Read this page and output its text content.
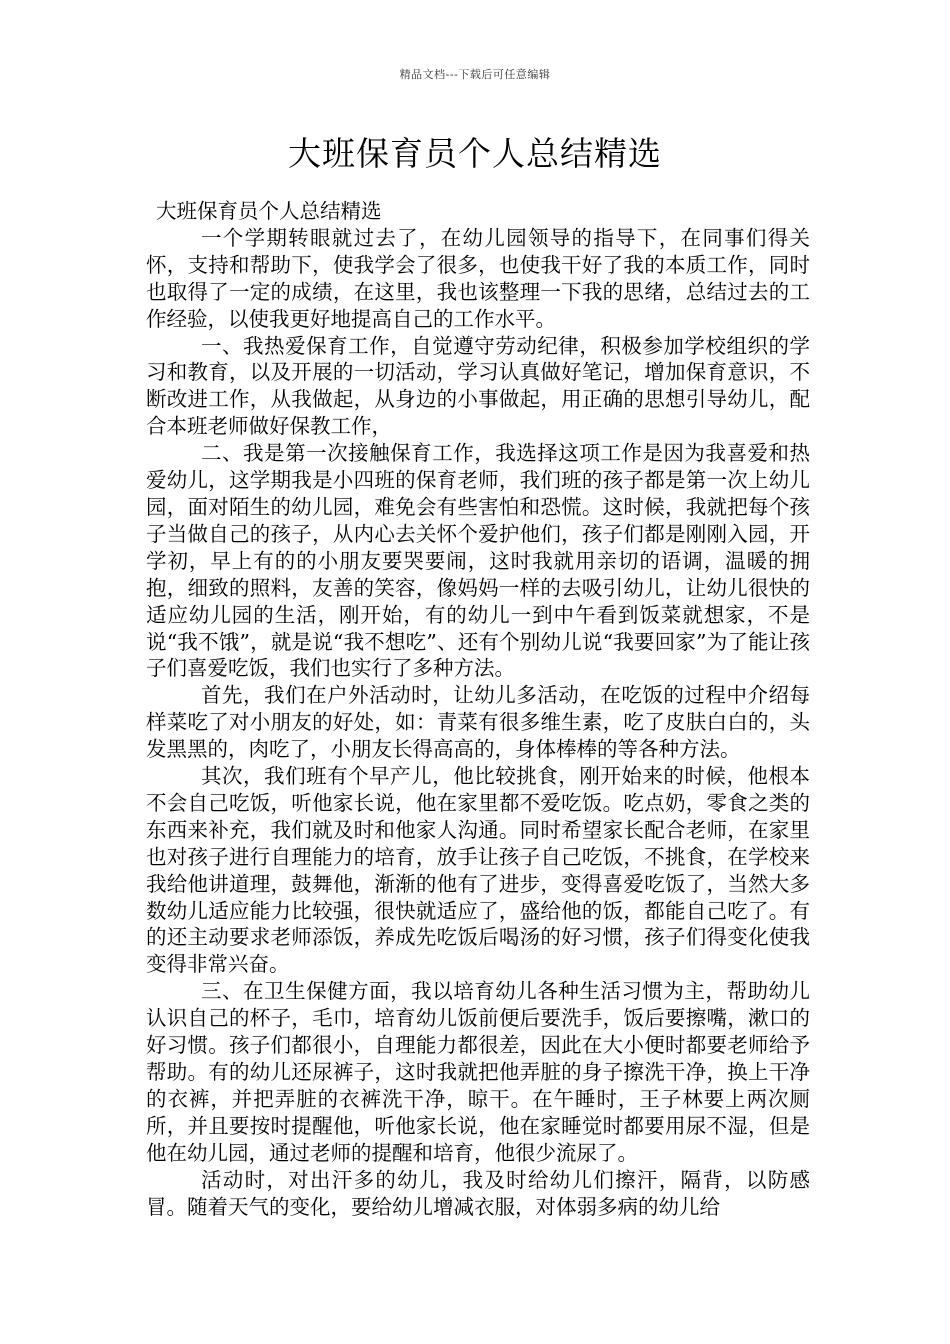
精品文档---下载后可任意编辑
大班保育员个人总结精选

大班保育员个人总结精选

一个学期转眼就过去了，在幼儿园领导的指导下，在同事们得关怀，支持和帮助下，使我学会了很多，也使我干好了我的本质工作，同时也取得了一定的成绩，在这里，我也该整理一下我的思绪，总结过去的工作经验，以使我更好地提高自己的工作水平。

一、我热爱保育工作，自觉遵守劳动纪律，积极参加学校组织的学习和教育，以及开展的一切活动，学习认真做好笔记，增加保育意识，不断改进工作，从我做起，从身边的小事做起，用正确的思想引导幼儿，配合本班老师做好保教工作，

二、我是第一次接触保育工作，我选择这项工作是因为我喜爱和热爱幼儿，这学期我是小四班的保育老师，我们班的孩子都是第一次上幼儿园，面对陌生的幼儿园，难免会有些害怕和恐慌。这时候，我就把每个孩子当做自己的孩子，从内心去关怀个爱护他们，孩子们都是刚刚入园，开学初，早上有的的小朋友要哭要闹，这时我就用亲切的语调，温暖的拥抱，细致的照料，友善的笑容，像妈妈一样的去吸引幼儿，让幼儿很快的适应幼儿园的生活，刚开始，有的幼儿一到中午看到饭菜就想家，不是说“我不饿”，就是说“我不想吃”、还有个别幼儿说“我要回家”为了能让孩子们喜爱吃饭，我们也实行了多种方法。

首先，我们在户外活动时，让幼儿多活动，在吃饭的过程中介绍每样菜吃了对小朋友的好处，如：青菜有很多维生素，吃了皮肤白白的，头发黑黑的，肉吃了，小朋友长得高高的，身体棒棒的等各种方法。

其次，我们班有个早产儿，他比较挑食，刚开始来的时候，他根本不会自己吃饭，听他家长说，他在家里都不爱吃饭。吃点奶，零食之类的东西来补充，我们就及时和他家人沟通。同时希望家长配合老师，在家里也对孩子进行自理能力的培育，放手让孩子自己吃饭，不挑食，在学校来我给他讲道理，鼓舞他，渐渐的他有了进步，变得喜爱吃饭了，当然大多数幼儿适应能力比较强，很快就适应了，盛给他的饭，都能自己吃了。有的还主动要求老师添饭，养成先吃饭后喝汤的好习惯，孩子们得变化使我变得非常兴奋。

三、在卫生保健方面，我以培育幼儿各种生活习惯为主，帮助幼儿认识自己的杯子，毛巾，培育幼儿饭前便后要洗手，饭后要擦嘴，漱口的好习惯。孩子们都很小，自理能力都很差，因此在大小便时都要老师给予帮助。有的幼儿还尿裤子，这时我就把他弄脏的身子擦洗干净，换上干净的衣裤，并把弄脏的衣裤洗干净，晾干。在午睡时，王子林要上两次厕所，并且要按时提醒他，听他家长说，他在家睡觉时都要用尿不湿，但是他在幼儿园，通过老师的提醒和培育，他很少流尿了。

活动时，对出汗多的幼儿，我及时给幼儿们擦汗，隔背，以防感冒。随着天气的变化，要给幼儿增减衣服，对体弱多病的幼儿给
